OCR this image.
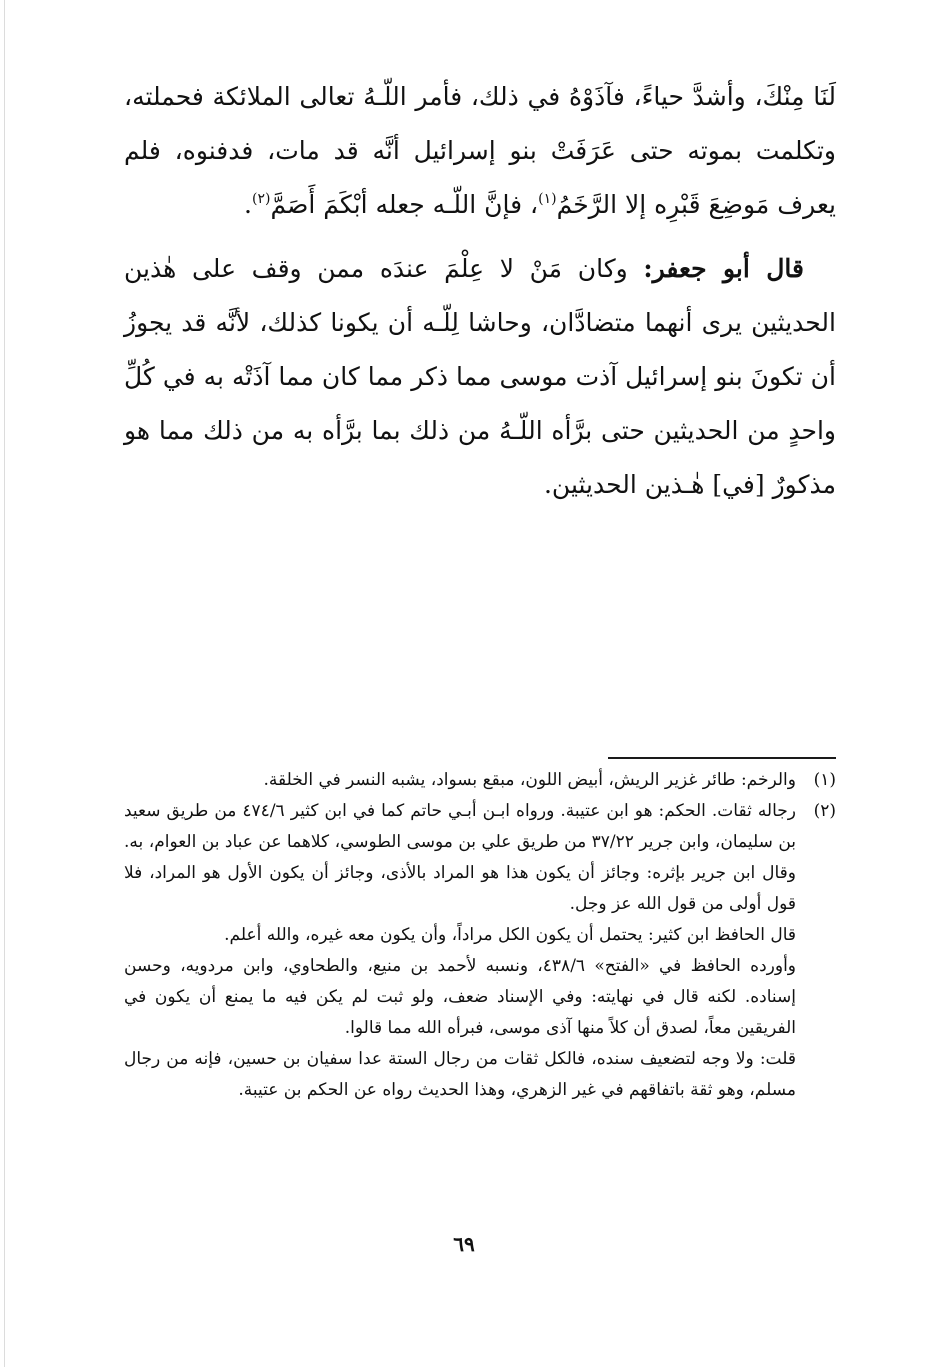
لَنَا مِنْكَ، وأشدَّ حياءً، فآذَوْهُ في ذلك، فأمر اللّـهُ تعالى الملائكة فحملته، وتكلمت بموته حتى عَرَفَتْ بنو إسرائيل أنَّه قد مات، فدفنوه، فلم يعرف مَوضِعَ قَبْرِه إلا الرَّخَمُ$^{(١)}$، فإنَّ اللّـه جعله أبْكَمَ أَصَمَّ$^{(٢)}$.

قال أبو جعفر: وكان مَنْ لا عِلْمَ عندَه ممن وقف على هٰذين الحديثين يرى أنهما متضادَّان، وحاشا لِلّـه أن يكونا كذلك، لأنَّه قد يجوزُ أن تكونَ بنو إسرائيل آذت موسى مما ذكر مما كان مما آذَتْه به في كُلِّ واحدٍ من الحديثين حتى برَّأه اللّـهُ من ذلك بما برَّأه به من ذلك مما هو مذكورٌ [في] هٰـذين الحديثين.

(١)

والرخم: طائر غزير الريش، أبيض اللون، مبقع بسواد، يشبه النسر في الخلقة.

(٢)

رجاله ثقات. الحكم: هو ابن عتيبة. ورواه ابـن أبـي حاتم كما في ابن كثير ٤٧٤/٦ من طريق سعيد بن سليمان، وابن جرير ٣٧/٢٢ من طريق علي بن موسى الطوسي، كلاهما عن عباد بن العوام، به. وقال ابن جرير بإثره: وجائز أن يكون هذا هو المراد بالأذى، وجائز أن يكون الأول هو المراد، فلا قول أولى من قول الله عز وجل.

قال الحافظ ابن كثير: يحتمل أن يكون الكل مراداً، وأن يكون معه غيره، والله أعلم.

وأورده الحافظ في «الفتح» ٤٣٨/٦، ونسبه لأحمد بن منيع، والطحاوي، وابن مردويه، وحسن إسناده. لكنه قال في نهايته: وفي الإسناد ضعف، ولو ثبت لم يكن فيه ما يمنع أن يكون في الفريقين معاً، لصدق أن كلاً منها آذى موسى، فبرأه الله مما قالوا.

قلت: ولا وجه لتضعيف سنده، فالكل ثقات من رجال الستة عدا سفيان بن حسين، فإنه من رجال مسلم، وهو ثقة باتفاقهم في غير الزهري، وهذا الحديث رواه عن الحكم بن عتيبة.

٦٩
